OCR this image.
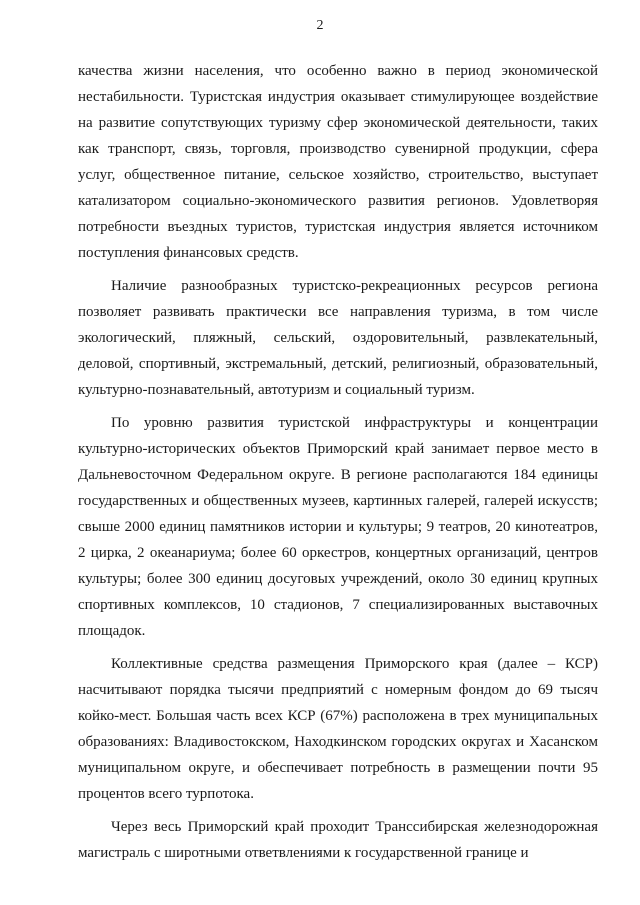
2

качества жизни населения, что особенно важно в период экономической нестабильности. Туристская индустрия оказывает стимулирующее воздействие на развитие сопутствующих туризму сфер экономической деятельности, таких как транспорт, связь, торговля, производство сувенирной продукции, сфера услуг, общественное питание, сельское хозяйство, строительство, выступает катализатором социально-экономического развития регионов. Удовлетворяя потребности въездных туристов, туристская индустрия является источником поступления финансовых средств.

Наличие разнообразных туристско-рекреационных ресурсов региона позволяет развивать практически все направления туризма, в том числе экологический, пляжный, сельский, оздоровительный, развлекательный, деловой, спортивный, экстремальный, детский, религиозный, образовательный, культурно-познавательный, автотуризм и социальный туризм.

По уровню развития туристской инфраструктуры и концентрации культурно-исторических объектов Приморский край занимает первое место в Дальневосточном Федеральном округе. В регионе располагаются 184 единицы государственных и общественных музеев, картинных галерей, галерей искусств; свыше 2000 единиц памятников истории и культуры; 9 театров, 20 кинотеатров, 2 цирка, 2 океанариума; более 60 оркестров, концертных организаций, центров культуры; более 300 единиц досуговых учреждений, около 30 единиц крупных спортивных комплексов, 10 стадионов, 7 специализированных выставочных площадок.

Коллективные средства размещения Приморского края (далее – КСР) насчитывают порядка тысячи предприятий с номерным фондом до 69 тысяч койко-мест. Большая часть всех КСР (67%) расположена в трех муниципальных образованиях: Владивостокском, Находкинском городских округах и Хасанском муниципальном округе, и обеспечивает потребность в размещении почти 95 процентов всего турпотока.

Через весь Приморский край проходит Транссибирская железнодорожная магистраль с широтными ответвлениями к государственной границе и
